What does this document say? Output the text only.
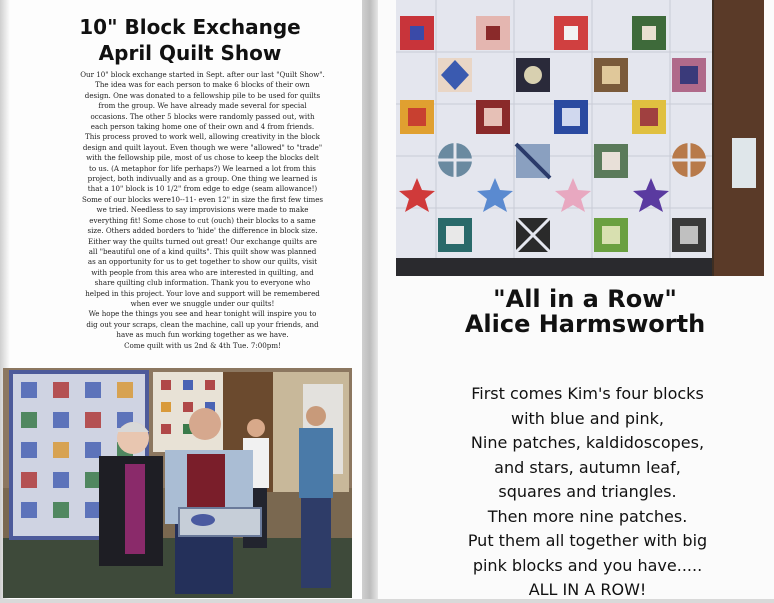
10" Block Exchange
April Quilt Show

Our 10" block exchange started in Sept. after our last "Quilt Show".

The idea was for each person to make 6 blocks of their own

design. One was donated to a fellowship pile to be used for quilts

from the group. We have already made several for special

occasions. The other 5 blocks were randomly passed out, with

each person taking home one of their own and 4 from friends.

This process proved to work well, allowing creativity in the block

design and quilt layout. Even though we were "allowed" to "trade"

with the fellowship pile, most of us chose to keep the blocks delt

to us. (A metaphor for life perhaps?) We learned a lot from this

project, both indivually and as a group. One thing we learned is

that a 10" block is 10 1/2" from edge to edge (seam allowance!)

Some of our blocks were10--11- even 12" in size the first few times

we tried. Needless to say improvisions were made to make

everything fit! Some chose to cut (ouch) their blocks to a same

size. Others added borders to 'hide' the difference in block size.

Either way the quilts turned out great! Our exchange quilts are

all "beautiful one of a kind quilts". This quilt show was planned

as an opportunity for us to get together to show our quilts, visit

with people from this area who are interested in quilting, and

share quilting club information. Thank you to everyone who

helped in this project. Your love and support will be remembered

when ever we snuggle under our quilts!

We hope the things you see and hear tonight will inspire you to

dig out your scraps, clean the machine, call up your friends, and

have as much fun working together as we have.

Come quilt with us 2nd & 4th Tue. 7:00pm!

"All in a Row"
Alice Harmsworth
First comes Kim's four blocks
with blue and pink,
Nine patches, kaldidoscopes,
and stars, autumn leaf,
squares and triangles.
Then more nine patches.
Put them all together with big
pink blocks and you have.....
ALL IN A ROW!
